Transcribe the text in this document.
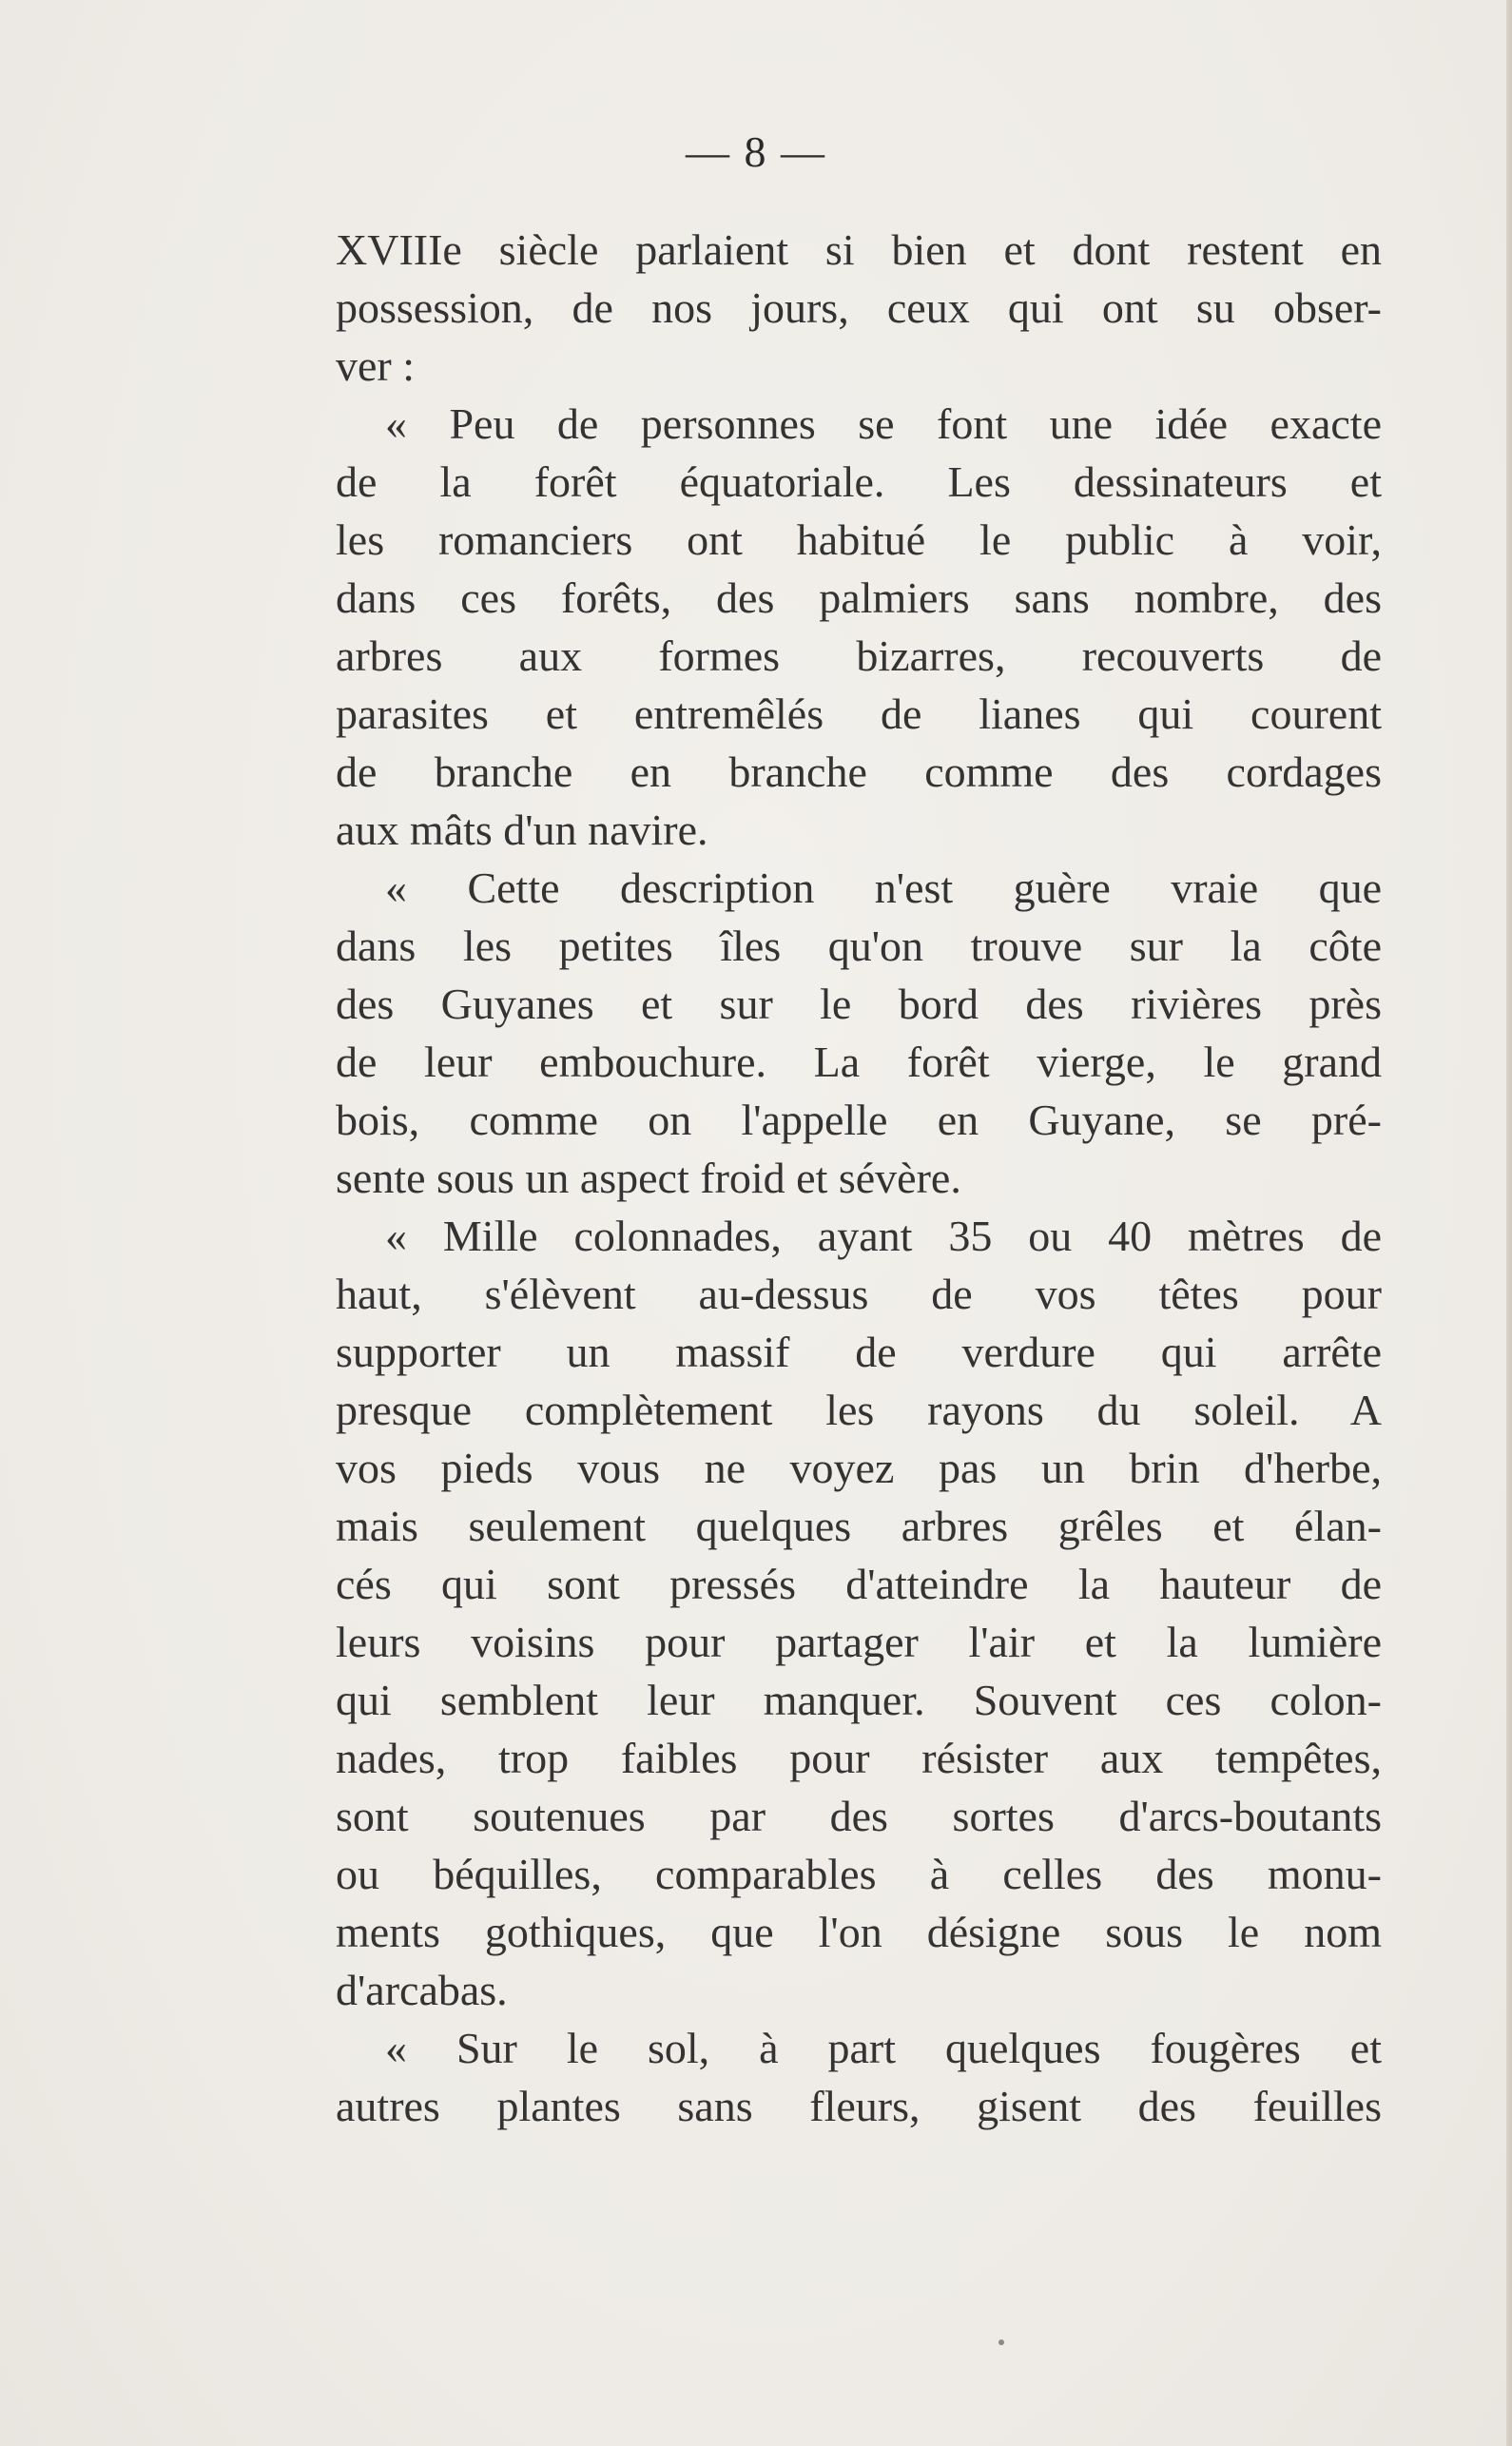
— 8 —
XVIIIe siècle parlaient si bien et dont restent en
possession, de nos jours, ceux qui ont su obser-
ver :
« Peu de personnes se font une idée exacte
de la forêt équatoriale. Les dessinateurs et
les romanciers ont habitué le public à voir,
dans ces forêts, des palmiers sans nombre, des
arbres aux formes bizarres, recouverts de
parasites et entremêlés de lianes qui courent
de branche en branche comme des cordages
aux mâts d'un navire.
« Cette description n'est guère vraie que
dans les petites îles qu'on trouve sur la côte
des Guyanes et sur le bord des rivières près
de leur embouchure. La forêt vierge, le grand
bois, comme on l'appelle en Guyane, se pré-
sente sous un aspect froid et sévère.
« Mille colonnades, ayant 35 ou 40 mètres de
haut, s'élèvent au-dessus de vos têtes pour
supporter un massif de verdure qui arrête
presque complètement les rayons du soleil. A
vos pieds vous ne voyez pas un brin d'herbe,
mais seulement quelques arbres grêles et élan-
cés qui sont pressés d'atteindre la hauteur de
leurs voisins pour partager l'air et la lumière
qui semblent leur manquer. Souvent ces colon-
nades, trop faibles pour résister aux tempêtes,
sont soutenues par des sortes d'arcs-boutants
ou béquilles, comparables à celles des monu-
ments gothiques, que l'on désigne sous le nom
d'arcabas.
« Sur le sol, à part quelques fougères et
autres plantes sans fleurs, gisent des feuilles
